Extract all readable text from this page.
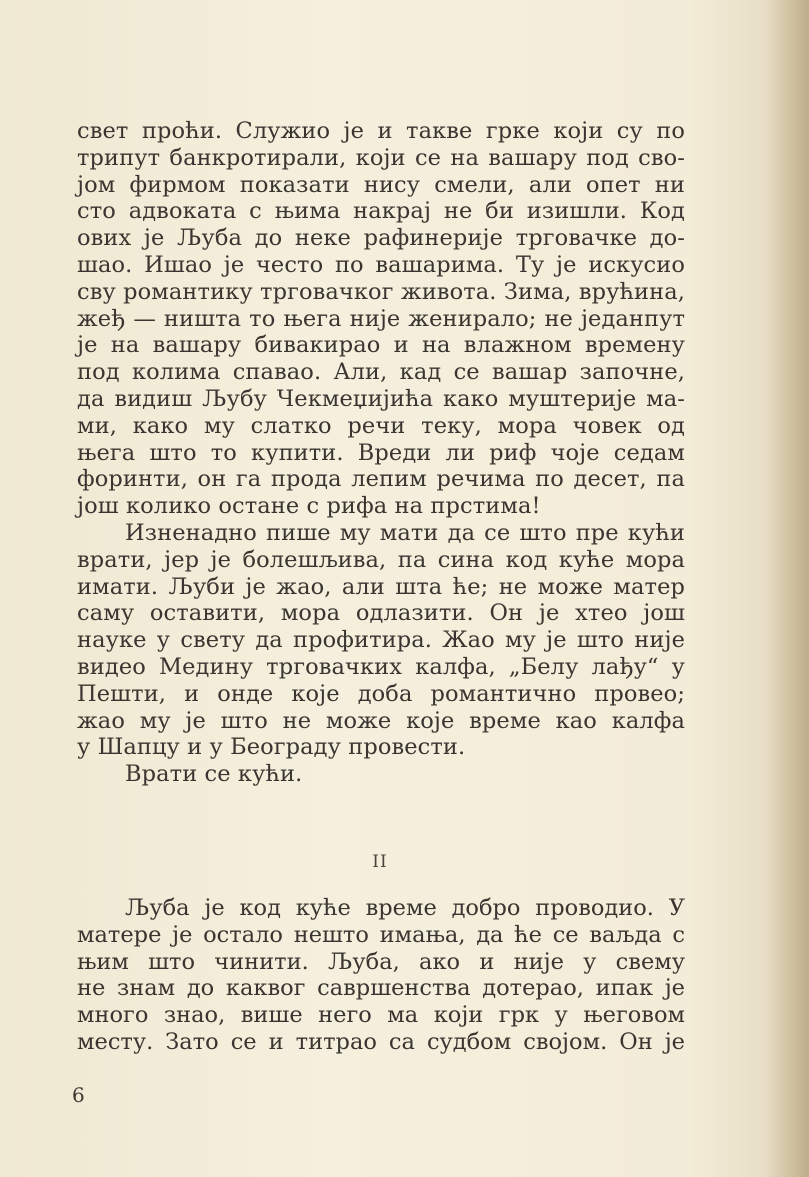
свет проћи. Служио је и такве грке који су по
трипут банкротирали, који се на вашару под сво-
јом фирмом показати нису смели, али опет ни
сто адвоката с њима накрај не би изишли. Код
ових је Љуба до неке рафинерије трговачке до-
шао. Ишао је често по вашарима. Ту је искусио
сву романтику трговачког живота. Зима, врућина,
жеђ — ништа то њега није женирало; не једанпут
је на вашару бивакирао и на влажном времену
под колима спавао. Али, кад се вашар започне,
да видиш Љубу Чекмеџијића како муштерије ма-
ми, како му слатко речи теку, мора човек од
њега што то купити. Вреди ли риф чоје седам
форинти, он га прода лепим речима по десет, па
још колико остане с рифа на прстима!
Изненадно пише му мати да се што пре кући
врати, јер је болешљива, па сина код куће мора
имати. Љуби је жао, али шта ће; не може матер
саму оставити, мора одлазити. Он је хтео још
науке у свету да профитира. Жао му је што није
видео Медину трговачких калфа, „Белу лађу“ у
Пешти, и онде које доба романтично провео;
жао му је што не може које време као калфа
у Шапцу и у Београду провести.
Врати се кући.
II
Љуба је код куће време добро проводио. У
матере је остало нешто имања, да ће се ваљда с
њим што чинити. Љуба, ако и није у свему
не знам до каквог савршенства дотерао, ипак је
много знао, више него ма који грк у његовом
месту. Зато се и титрао са судбом својом. Он је
6
